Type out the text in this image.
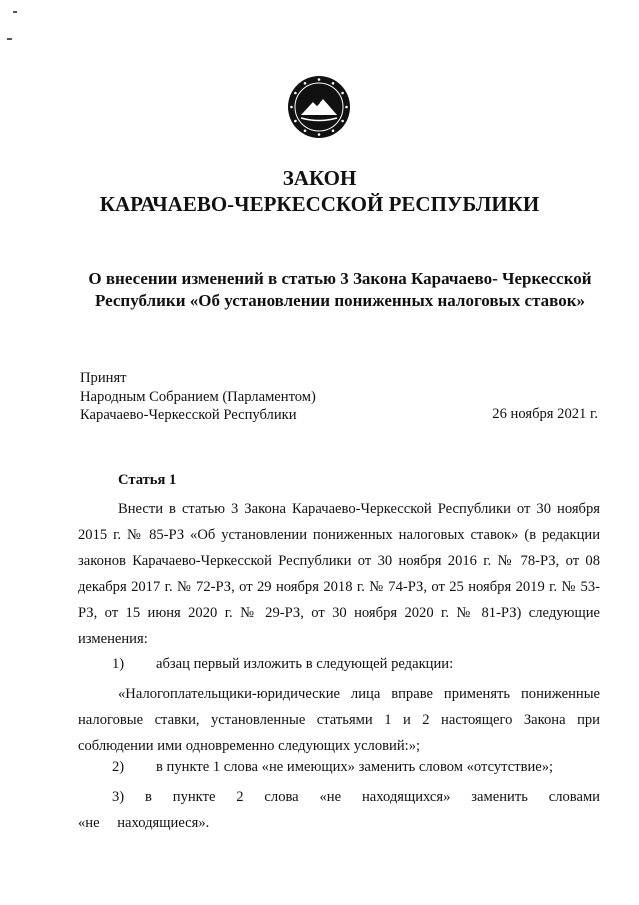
ЗАКОН
КАРАЧАЕВО-ЧЕРКЕССКОЙ РЕСПУБЛИКИ
О внесении изменений в статью 3 Закона Карачаево- Черкесской
Республики «Об установлении пониженных налоговых ставок»
Принят
Народным Собранием (Парламентом)
Карачаево-Черкесской Республики	26 ноября 2021 г.
Статья 1
Внести в статью 3 Закона Карачаево-Черкесской Республики от 30 ноября 2015 г. № 85-РЗ «Об установлении пониженных налоговых ставок» (в редакции законов Карачаево-Черкесской Республики от 30 ноября 2016 г. № 78-РЗ, от 08 декабря 2017 г. № 72-РЗ, от 29 ноября 2018 г. № 74-РЗ, от 25 ноября 2019 г. № 53-РЗ, от 15 июня 2020 г. № 29-РЗ, от 30 ноября 2020 г. № 81-РЗ) следующие изменения:
1) абзац первый изложить в следующей редакции:
«Налогоплательщики-юридические лица вправе применять пониженные налоговые ставки, установленные статьями 1 и 2 настоящего Закона при соблюдении ими одновременно следующих условий:»;
2) в пункте 1 слова «не имеющих» заменить словом «отсутствие»;
3) в пункте 2 слова «не находящихся» заменить словами «не находящиеся».
